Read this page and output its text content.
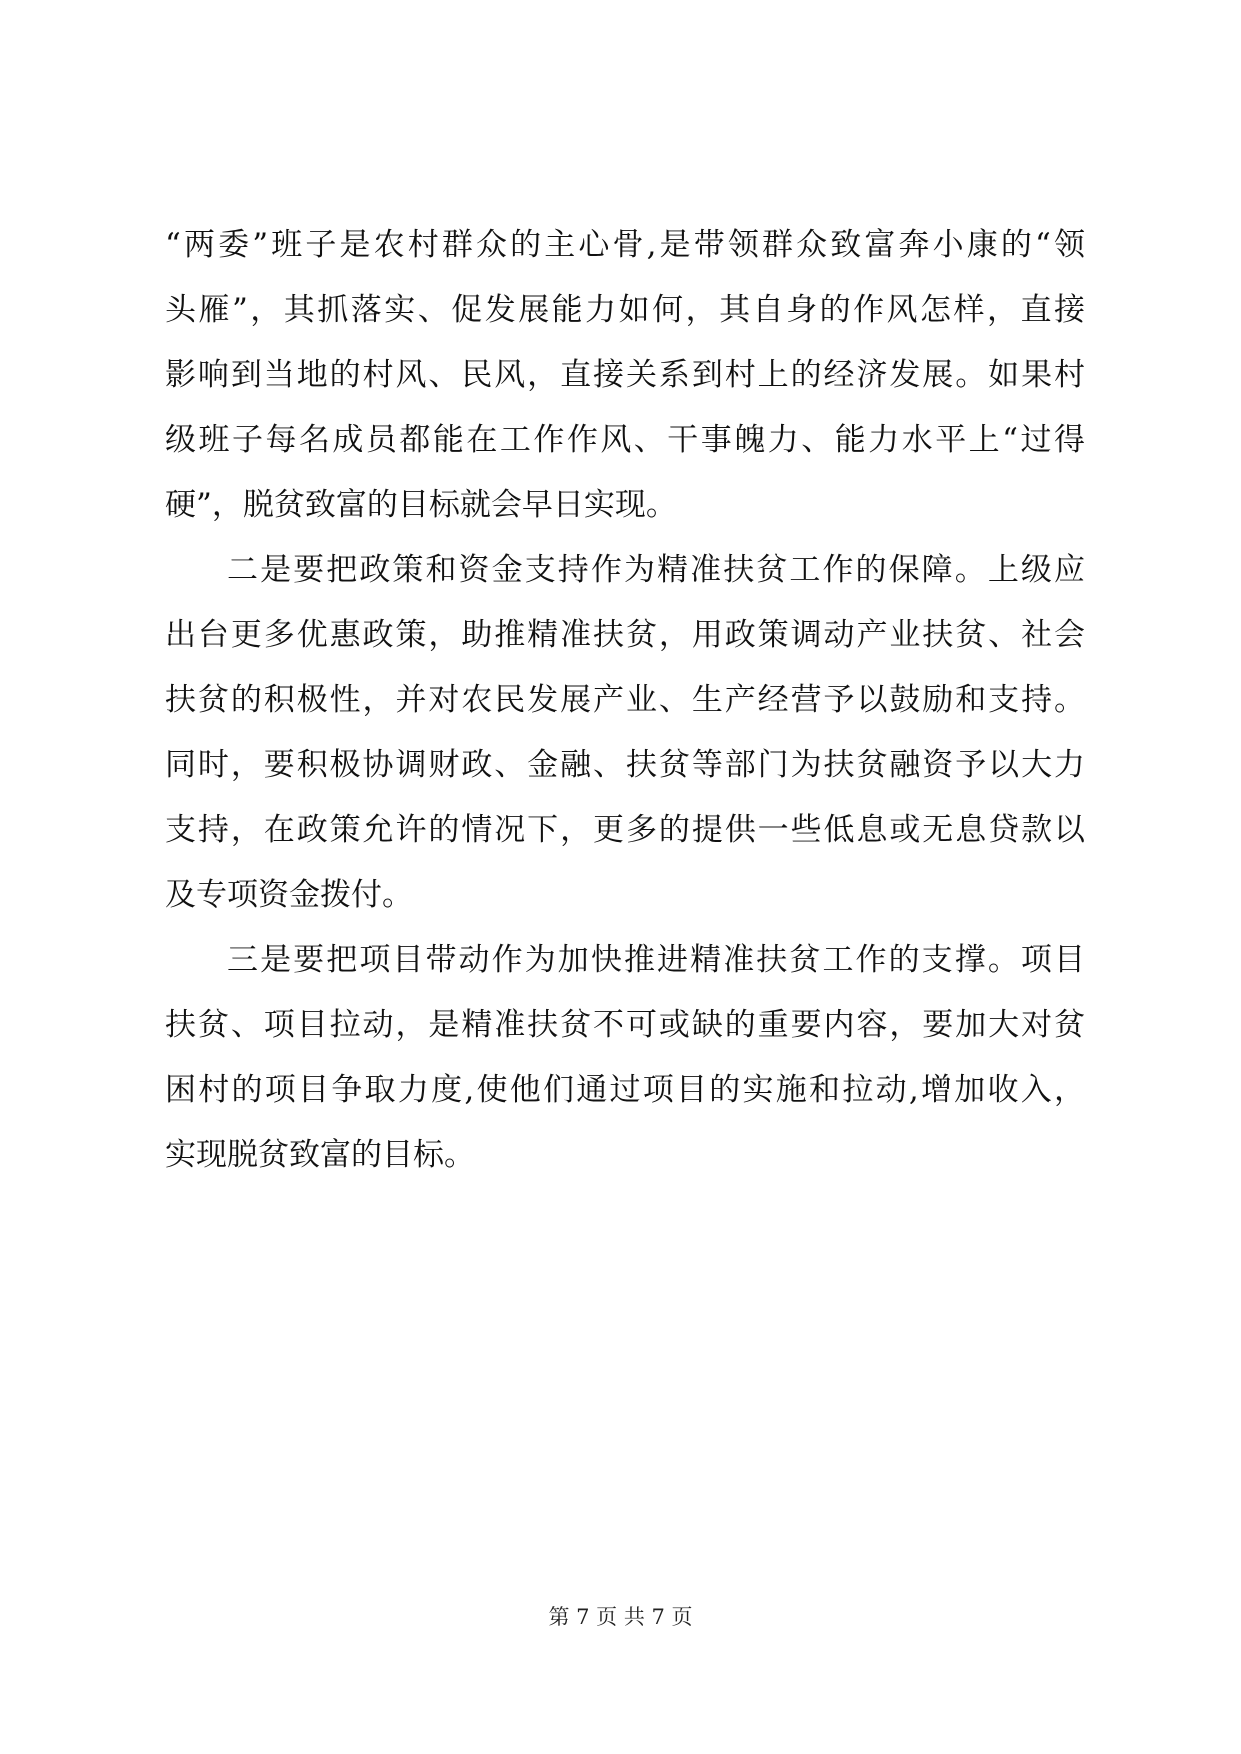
“两委”班子是农村群众的主心骨,是带领群众致富奔小康的“领
头雁”，其抓落实、促发展能力如何，其自身的作风怎样，直接
影响到当地的村风、民风，直接关系到村上的经济发展。如果村
级班子每名成员都能在工作作风、干事魄力、能力水平上“过得
硬”，脱贫致富的目标就会早日实现。
二是要把政策和资金支持作为精准扶贫工作的保障。上级应
出台更多优惠政策，助推精准扶贫，用政策调动产业扶贫、社会
扶贫的积极性，并对农民发展产业、生产经营予以鼓励和支持。
同时，要积极协调财政、金融、扶贫等部门为扶贫融资予以大力
支持，在政策允许的情况下，更多的提供一些低息或无息贷款以
及专项资金拨付。
三是要把项目带动作为加快推进精准扶贫工作的支撑。项目
扶贫、项目拉动，是精准扶贫不可或缺的重要内容，要加大对贫
困村的项目争取力度,使他们通过项目的实施和拉动,增加收入，
实现脱贫致富的目标。
第 7 页 共 7 页
